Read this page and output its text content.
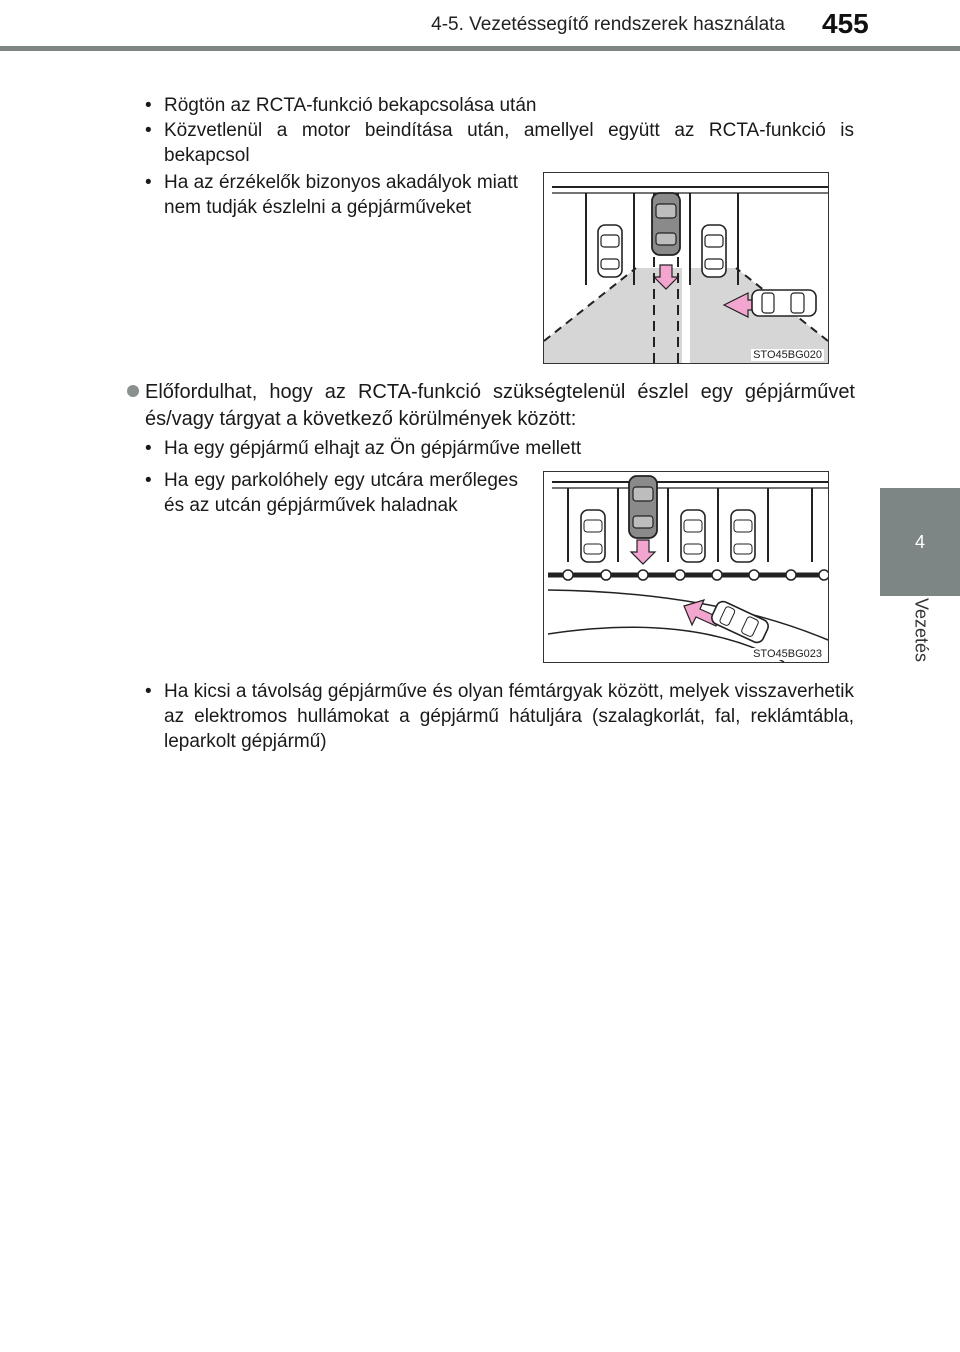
4-5. Vezetéssegítő rendszerek használata 455
4
Vezetés
• Rögtön az RCTA-funkció bekapcsolása után
• Közvetlenül a motor beindítása után, amellyel együtt az RCTA-funkció is bekapcsol
• Ha az érzékelők bizonyos akadályok miatt nem tudják észlelni a gépjárműveket
STO45BG020
Előfordulhat, hogy az RCTA-funkció szükségtelenül észlel egy gépjárművet és/vagy tárgyat a következő körülmények között:
• Ha egy gépjármű elhajt az Ön gépjárműve mellett
• Ha egy parkolóhely egy utcára merőleges és az utcán gépjárművek haladnak
STO45BG023
• Ha kicsi a távolság gépjárműve és olyan fémtárgyak között, melyek visszaverhetik az elektromos hullámokat a gépjármű hátuljára (szalagkorlát, fal, reklámtábla, leparkolt gépjármű)
